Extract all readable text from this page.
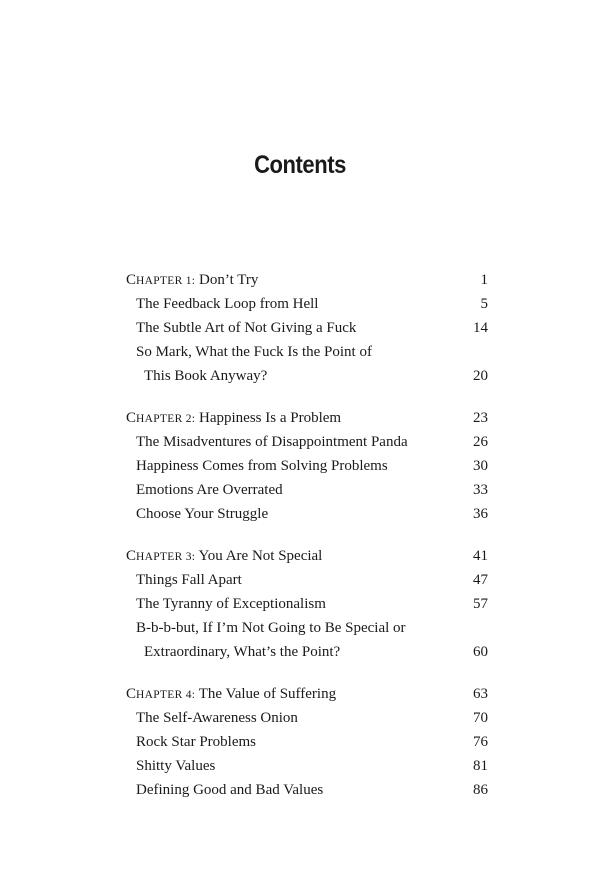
Contents
CHAPTER 1: Don’t Try	1
The Feedback Loop from Hell	5
The Subtle Art of Not Giving a Fuck	14
So Mark, What the Fuck Is the Point of
This Book Anyway?	20
CHAPTER 2: Happiness Is a Problem	23
The Misadventures of Disappointment Panda	26
Happiness Comes from Solving Problems	30
Emotions Are Overrated	33
Choose Your Struggle	36
CHAPTER 3: You Are Not Special	41
Things Fall Apart	47
The Tyranny of Exceptionalism	57
B-b-b-but, If I’m Not Going to Be Special or
Extraordinary, What’s the Point?	60
CHAPTER 4: The Value of Suffering	63
The Self-Awareness Onion	70
Rock Star Problems	76
Shitty Values	81
Defining Good and Bad Values	86
